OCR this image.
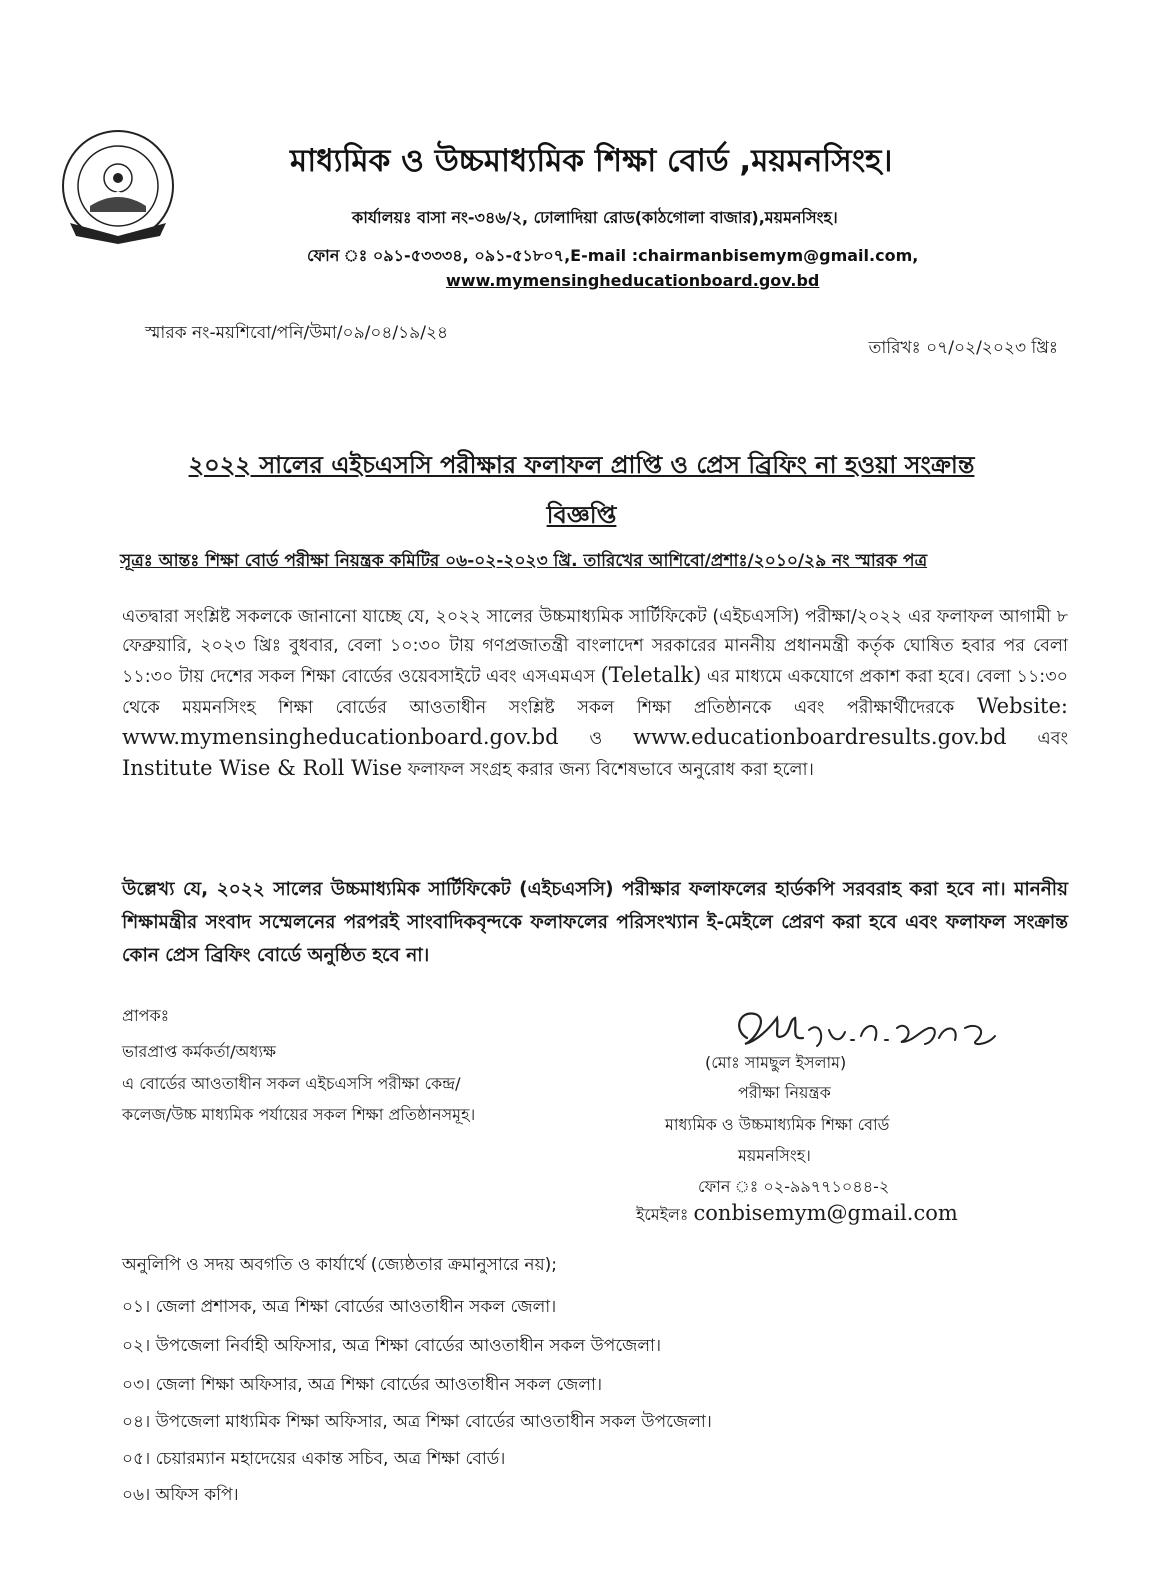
মাধ্যমিক ও উচ্চমাধ্যমিক শিক্ষা বোর্ড ,ময়মনসিংহ।
কার্যালয়ঃ বাসা নং-৩৪৬/২, ঢোলাদিয়া রোড(কাঠগোলা বাজার),ময়মনসিংহ।
ফোন ঃ ০৯১-৫৩৩৩৪, ০৯১-৫১৮০৭,E-mail :chairmanbisemym@gmail.com,
www.mymensingheducationboard.gov.bd
স্মারক নং-ময়শিবো/পনি/উমা/০৯/০৪/১৯/২৪
তারিখঃ ০৭/০২/২০২৩ খ্রিঃ
২০২২ সালের এইচএসসি পরীক্ষার ফলাফল প্রাপ্তি ও প্রেস ব্রিফিং না হওয়া সংক্রান্ত
বিজ্ঞপ্তি
সূত্রঃ আন্তঃ শিক্ষা বোর্ড পরীক্ষা নিয়ন্ত্রক কমিটির ০৬-০২-২০২৩ খ্রি. তারিখের আশিবো/প্রশাঃ/২০১০/২৯ নং স্মারক পত্র
এতদ্বারা সংশ্লিষ্ট সকলকে জানানো যাচ্ছে যে, ২০২২ সালের উচ্চমাধ্যমিক সার্টিফিকেট (এইচএসসি) পরীক্ষা/২০২২ এর ফলাফল আগামী ৮ ফেব্রুয়ারি, ২০২৩ খ্রিঃ বুধবার, বেলা ১০:৩০ টায় গণপ্রজাতন্ত্রী বাংলাদেশ সরকারের মাননীয় প্রধানমন্ত্রী কর্তৃক ঘোষিত হবার পর বেলা ১১:৩০ টায় দেশের সকল শিক্ষা বোর্ডের ওয়েবসাইটে এবং এসএমএস (Teletalk) এর মাধ্যমে একযোগে প্রকাশ করা হবে। বেলা ১১:৩০ থেকে ময়মনসিংহ শিক্ষা বোর্ডের আওতাধীন সংশ্লিষ্ট সকল শিক্ষা প্রতিষ্ঠানকে এবং পরীক্ষার্থীদেরকে Website: www.mymensingheducationboard.gov.bd ও www.educationboardresults.gov.bd এবং Institute Wise & Roll Wise ফলাফল সংগ্রহ করার জন্য বিশেষভাবে অনুরোধ করা হলো।
উল্লেখ্য যে, ২০২২ সালের উচ্চমাধ্যমিক সার্টিফিকেট (এইচএসসি) পরীক্ষার ফলাফলের হার্ডকপি সরবরাহ করা হবে না। মাননীয় শিক্ষামন্ত্রীর সংবাদ সম্মেলনের পরপরই সাংবাদিকবৃন্দকে ফলাফলের পরিসংখ্যান ই-মেইলে প্রেরণ করা হবে এবং ফলাফল সংক্রান্ত কোন প্রেস ব্রিফিং বোর্ডে অনুষ্ঠিত হবে না।
প্রাপকঃ
ভারপ্রাপ্ত কর্মকর্তা/অধ্যক্ষ
এ বোর্ডের আওতাধীন সকল এইচএসসি পরীক্ষা কেন্দ্র/
কলেজ/উচ্চ মাধ্যমিক পর্যায়ের সকল শিক্ষা প্রতিষ্ঠানসমূহ।
(মোঃ সামছুল ইসলাম)
পরীক্ষা নিয়ন্ত্রক
মাধ্যমিক ও উচ্চমাধ্যমিক শিক্ষা বোর্ড
ময়মনসিংহ।
ফোন ঃ ০২-৯৯৭৭১০৪৪-২
ইমেইলঃ conbisemym@gmail.com
অনুলিপি ও সদয় অবগতি ও কার্যার্থে (জ্যেষ্ঠতার ক্রমানুসারে নয়);
০১। জেলা প্রশাসক, অত্র শিক্ষা বোর্ডের আওতাধীন সকল জেলা।
০২। উপজেলা নির্বাহী অফিসার, অত্র শিক্ষা বোর্ডের আওতাধীন সকল উপজেলা।
০৩। জেলা শিক্ষা অফিসার, অত্র শিক্ষা বোর্ডের আওতাধীন সকল জেলা।
০৪। উপজেলা মাধ্যমিক শিক্ষা অফিসার, অত্র শিক্ষা বোর্ডের আওতাধীন সকল উপজেলা।
০৫। চেয়ারম্যান মহাদেয়ের একান্ত সচিব, অত্র শিক্ষা বোর্ড।
০৬। অফিস কপি।
